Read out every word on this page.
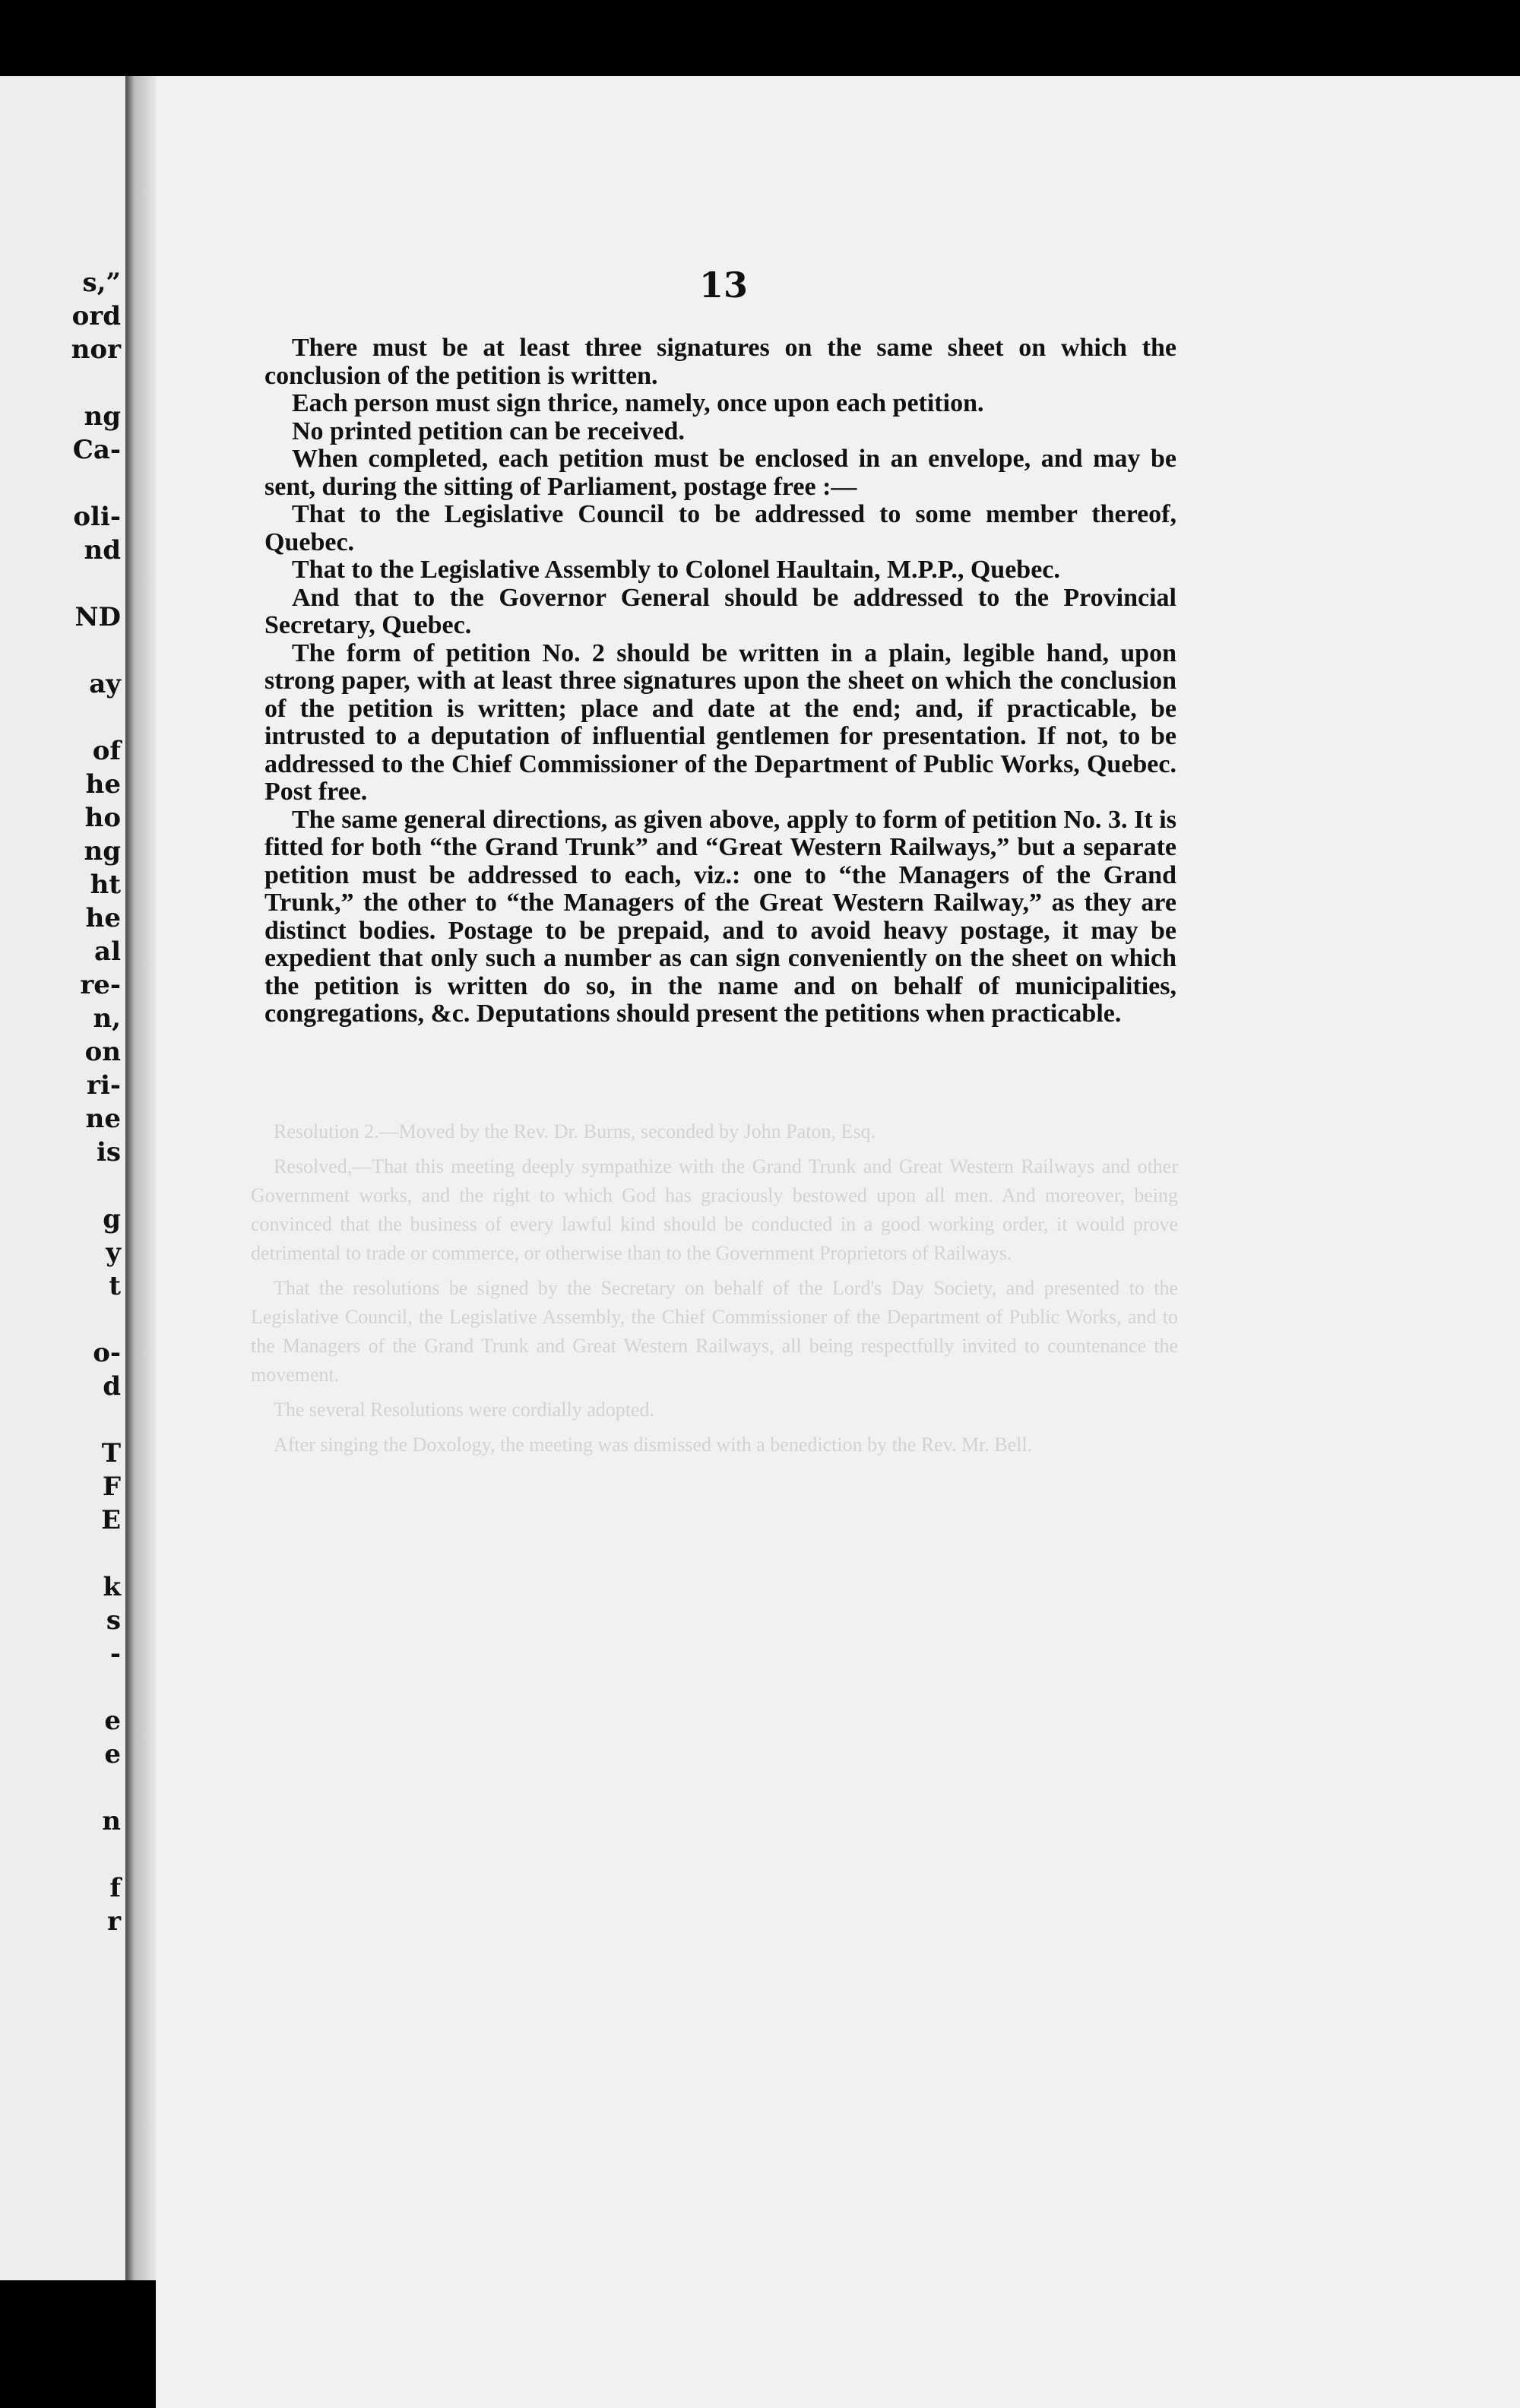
s,”
ord
nor

ng
Ca-

oli-
nd

ND

ay

of
he
ho
ng
ht
he
al
re-
n,
on
ri-
ne
is

g
y
t

o-
d

T
F
E

k
s
-

e
e

n

f
r
13

Resolution 2.—Moved by the Rev. Dr. Burns, seconded by John Paton, Esq.

Resolved,—That this meeting deeply sympathize with the Grand Trunk and Great Western Railways and other Government works, and the right to which God has graciously bestowed upon all men. And moreover, being convinced that the business of every lawful kind should be conducted in a good working order, it would prove detrimental to trade or commerce, or otherwise than to the Government Proprietors of Railways.

That the resolutions be signed by the Secretary on behalf of the Lord's Day Society, and presented to the Legislative Council, the Legislative Assembly, the Chief Commissioner of the Department of Public Works, and to the Managers of the Grand Trunk and Great Western Railways, all being respectfully invited to countenance the movement.

The several Resolutions were cordially adopted.

After singing the Doxology, the meeting was dismissed with a benediction by the Rev. Mr. Bell.

There must be at least three signatures on the same sheet on which the conclusion of the petition is written.

Each person must sign thrice, namely, once upon each petition.

No printed petition can be received.

When completed, each petition must be enclosed in an envelope, and may be sent, during the sitting of Parliament, postage free :—

That to the Legislative Council to be addressed to some member thereof, Quebec.

That to the Legislative Assembly to Colonel Haultain, M.P.P., Quebec.

And that to the Governor General should be addressed to the Provincial Secretary, Quebec.

The form of petition No. 2 should be written in a plain, legible hand, upon strong paper, with at least three signatures upon the sheet on which the conclusion of the petition is written; place and date at the end; and, if practicable, be intrusted to a deputation of influential gentlemen for presentation. If not, to be addressed to the Chief Commissioner of the Department of Public Works, Quebec. Post free.

The same general directions, as given above, apply to form of petition No. 3. It is fitted for both “the Grand Trunk” and “Great Western Railways,” but a separate petition must be addressed to each, viz.: one to “the Managers of the Grand Trunk,” the other to “the Managers of the Great Western Railway,” as they are distinct bodies. Postage to be prepaid, and to avoid heavy postage, it may be expedient that only such a number as can sign conveniently on the sheet on which the petition is written do so, in the name and on behalf of municipalities, congregations, &c. Deputations should present the petitions when practicable.
